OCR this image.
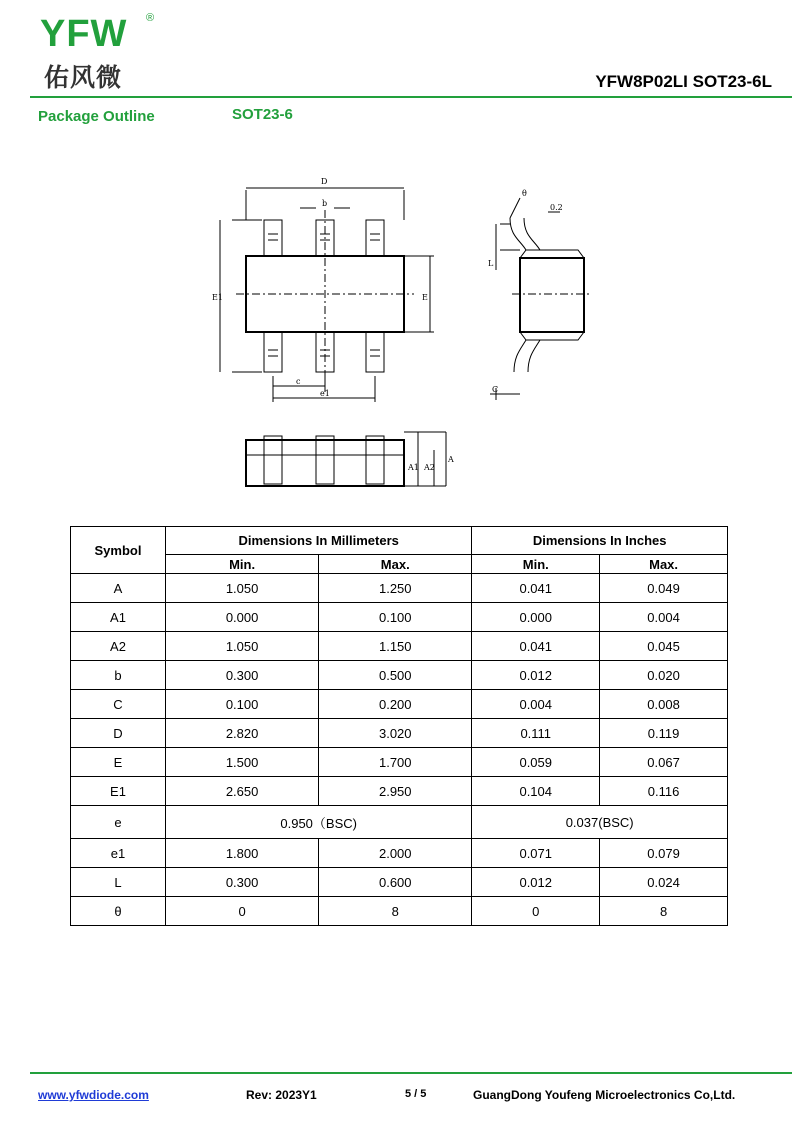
YFW ®
佑风微	YFW8P02LI SOT23-6L
Package Outline	SOT23-6
D
b
E1	E
c
e1
θ
0.2
L
C
A
A1 A2
Symbol	Dimensions In Millimeters		Dimensions In Inches	
	Min.	Max.	Min.	Max.
A	1.050	1.250	0.041	0.049
A1	0.000	0.100	0.000	0.004
A2	1.050	1.150	0.041	0.045
b	0.300	0.500	0.012	0.020
C	0.100	0.200	0.004	0.008
D	2.820	3.020	0.111	0.119
E	1.500	1.700	0.059	0.067
E1	2.650	2.950	0.104	0.116
e	0.950（BSC)		0.037(BSC)	
e1	1.800	2.000	0.071	0.079
L	0.300	0.600	0.012	0.024
θ	0	8	0	8
www.yfwdiode.com	Rev: 2023Y1	5 / 5	GuangDong Youfeng Microelectronics Co,Ltd.
